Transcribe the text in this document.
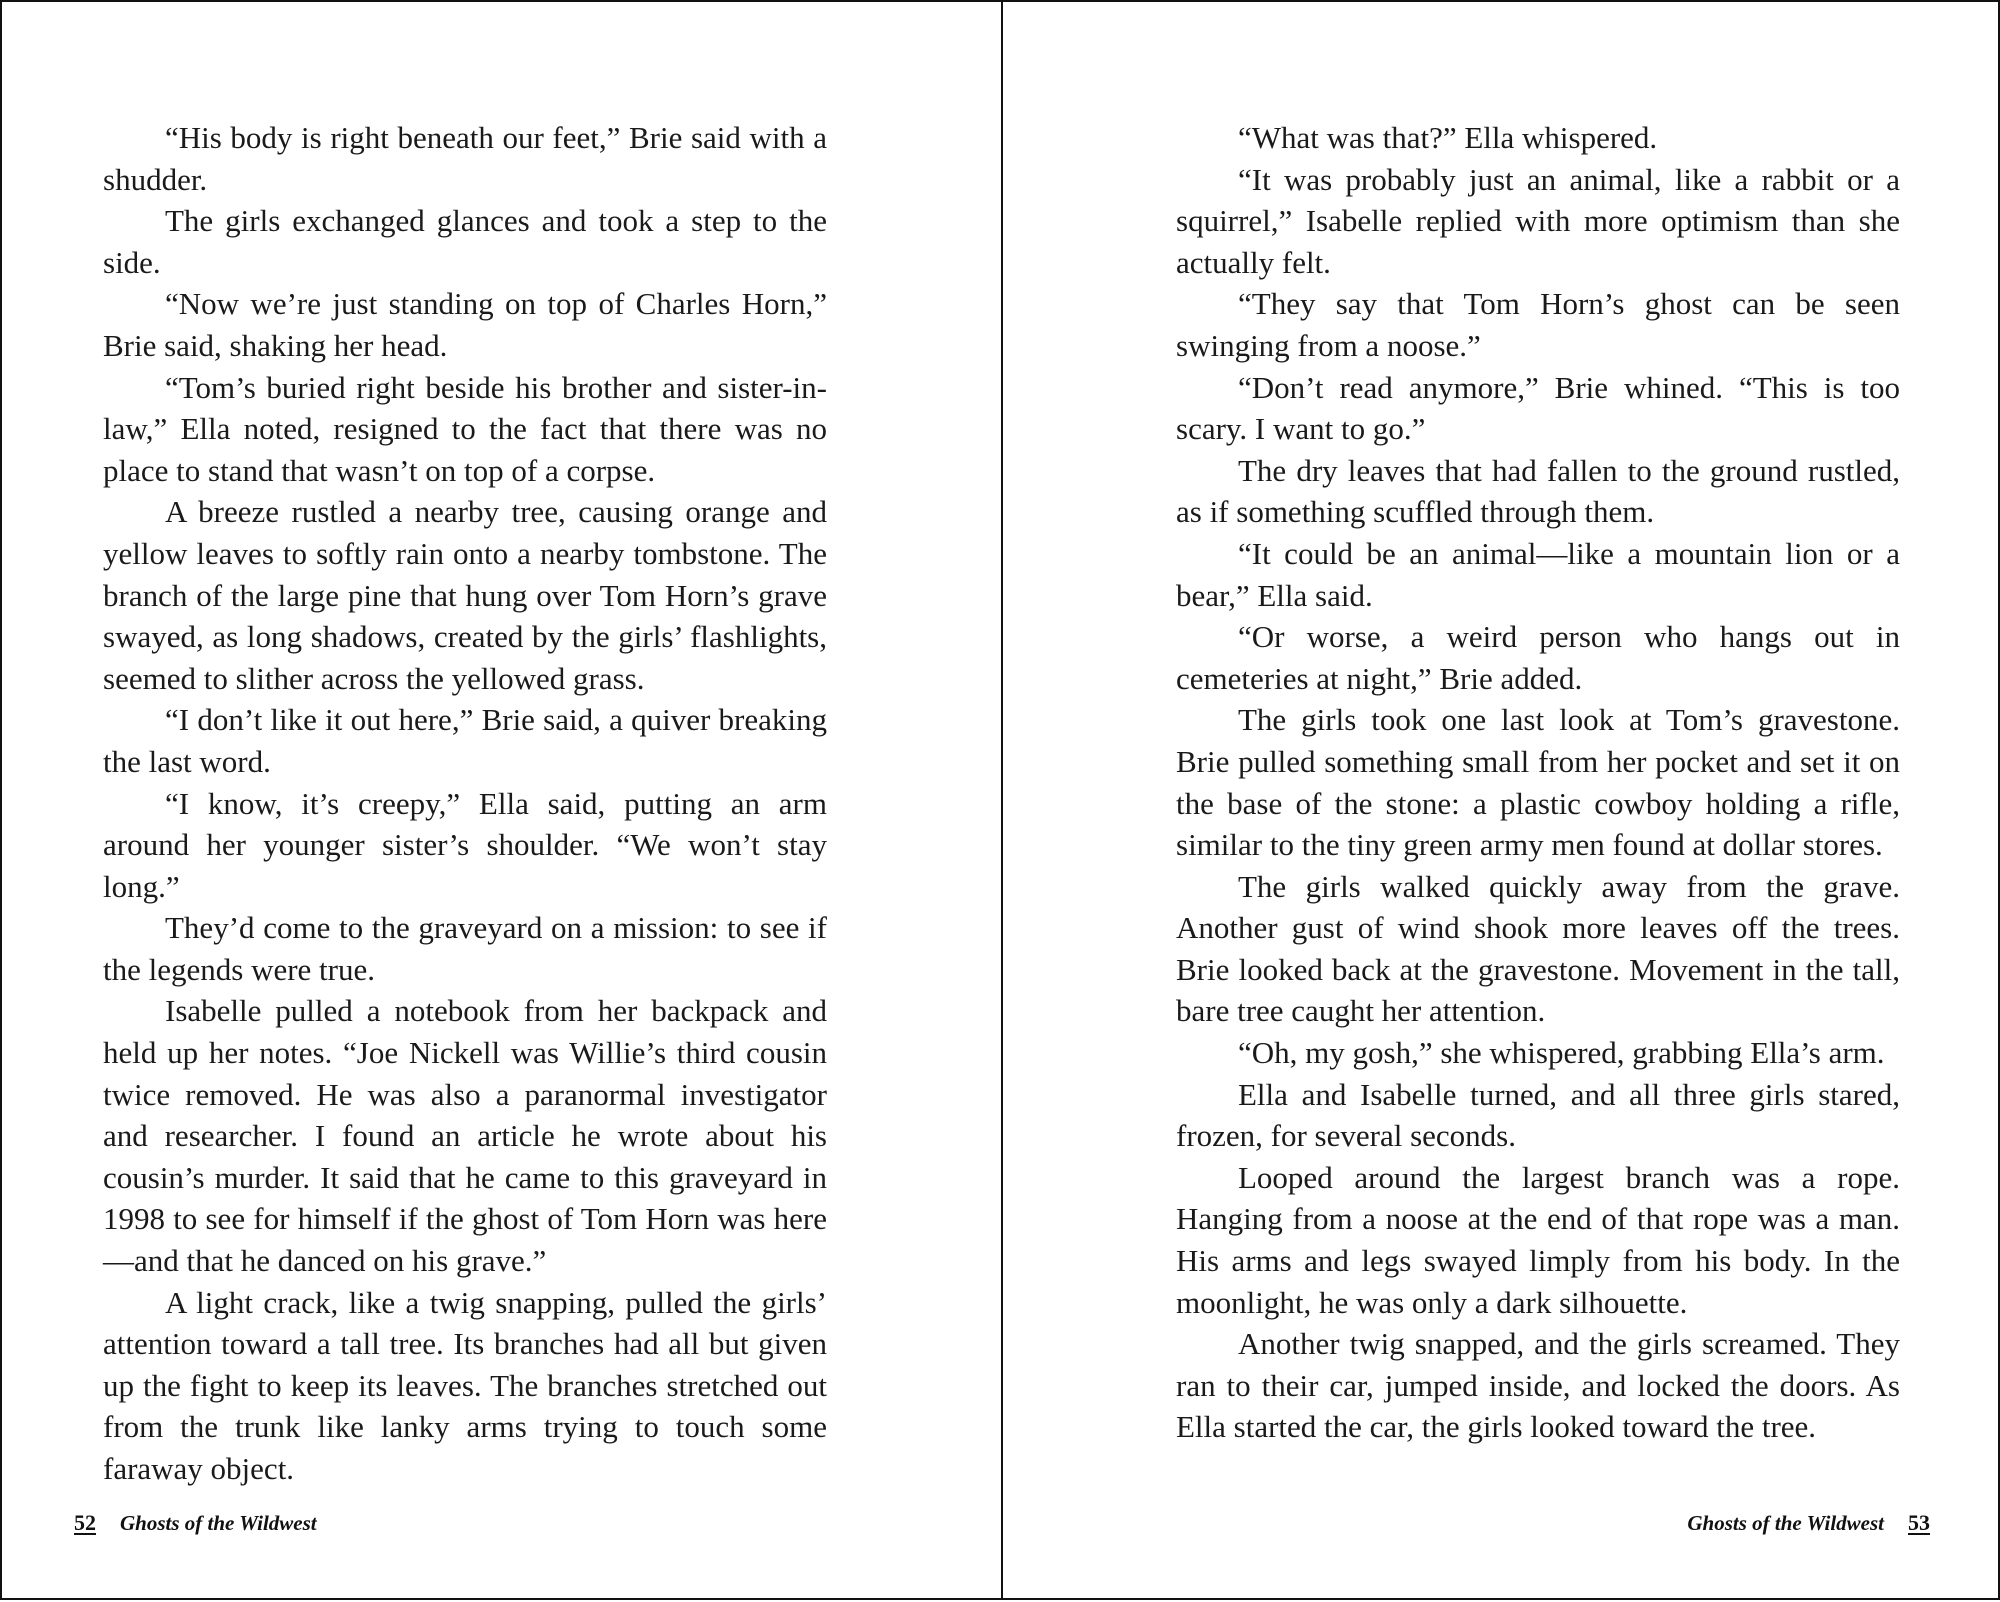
“His body is right beneath our feet,” Brie said with a shudder.

The girls exchanged glances and took a step to the side.

“Now we’re just standing on top of Charles Horn,” Brie said, shaking her head.

“Tom’s buried right beside his brother and sister-in-law,” Ella noted, resigned to the fact that there was no place to stand that wasn’t on top of a corpse.

A breeze rustled a nearby tree, causing orange and yellow leaves to softly rain onto a nearby tombstone. The branch of the large pine that hung over Tom Horn’s grave swayed, as long shadows, created by the girls’ flashlights, seemed to slither across the yellowed grass.

“I don’t like it out here,” Brie said, a quiver breaking the last word.

“I know, it’s creepy,” Ella said, putting an arm around her younger sister’s shoulder. “We won’t stay long.”

They’d come to the graveyard on a mission: to see if the legends were true.

Isabelle pulled a notebook from her backpack and held up her notes. “Joe Nickell was Willie’s third cousin twice removed. He was also a paranormal investigator and researcher. I found an article he wrote about his cousin’s murder. It said that he came to this graveyard in 1998 to see for himself if the ghost of Tom Horn was here—and that he danced on his grave.”

A light crack, like a twig snapping, pulled the girls’ attention toward a tall tree. Its branches had all but given up the fight to keep its leaves. The branches stretched out from the trunk like lanky arms trying to touch some faraway object.

52 Ghosts of the Wildwest

“What was that?” Ella whispered.

“It was probably just an animal, like a rabbit or a squirrel,” Isabelle replied with more optimism than she actually felt.

“They say that Tom Horn’s ghost can be seen swinging from a noose.”

“Don’t read anymore,” Brie whined. “This is too scary. I want to go.”

The dry leaves that had fallen to the ground rustled, as if something scuffled through them.

“It could be an animal—like a mountain lion or a bear,” Ella said.

“Or worse, a weird person who hangs out in cemeteries at night,” Brie added.

The girls took one last look at Tom’s gravestone. Brie pulled something small from her pocket and set it on the base of the stone: a plastic cowboy holding a rifle, similar to the tiny green army men found at dollar stores.

The girls walked quickly away from the grave. Another gust of wind shook more leaves off the trees. Brie looked back at the gravestone. Movement in the tall, bare tree caught her attention.

“Oh, my gosh,” she whispered, grabbing Ella’s arm.

Ella and Isabelle turned, and all three girls stared, frozen, for several seconds.

Looped around the largest branch was a rope. Hanging from a noose at the end of that rope was a man. His arms and legs swayed limply from his body. In the moonlight, he was only a dark silhouette.

Another twig snapped, and the girls screamed. They ran to their car, jumped inside, and locked the doors. As Ella started the car, the girls looked toward the tree.

Ghosts of the Wildwest 53
